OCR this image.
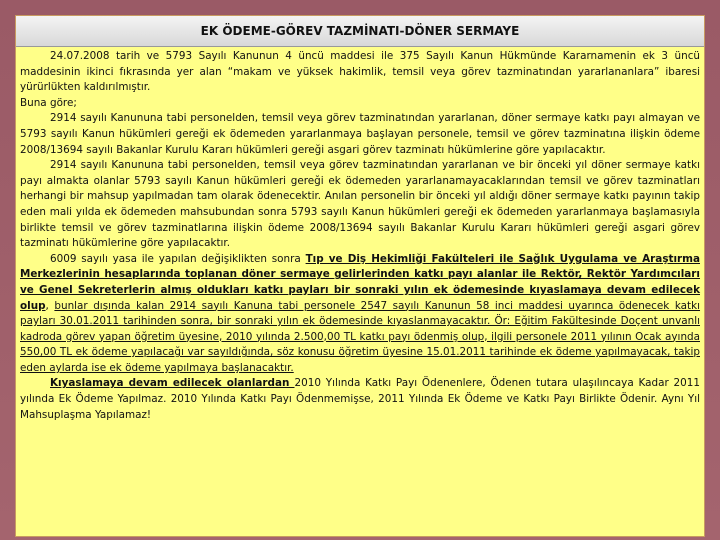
EK ÖDEME-GÖREV TAZMİNATI-DÖNER SERMAYE

24.07.2008 tarih ve 5793 Sayılı Kanunun 4 üncü maddesi ile 375 Sayılı Kanun Hükmünde Kararnamenin ek 3 üncü maddesinin ikinci fıkrasında yer alan “makam ve yüksek hakimlik, temsil veya görev tazminatından yararlananlara” ibaresi yürürlükten kaldırılmıştır.

Buna göre;

2914 sayılı Kanununa tabi personelden, temsil veya görev tazminatından yararlanan, döner sermaye katkı payı almayan ve 5793 sayılı Kanun hükümleri gereği ek ödemeden yararlanmaya başlayan personele, temsil ve görev tazminatına ilişkin ödeme 2008/13694 sayılı Bakanlar Kurulu Kararı hükümleri gereği asgari görev tazminatı hükümlerine göre yapılacaktır.

2914 sayılı Kanununa tabi personelden, temsil veya görev tazminatından yararlanan ve bir önceki yıl döner sermaye katkı payı almakta olanlar 5793 sayılı Kanun hükümleri gereği ek ödemeden yararlanamayacaklarından temsil ve görev tazminatları herhangi bir mahsup yapılmadan tam olarak ödenecektir. Anılan personelin bir önceki yıl aldığı döner sermaye katkı payının takip eden mali yılda ek ödemeden mahsubundan sonra 5793 sayılı Kanun hükümleri gereği ek ödemeden yararlanmaya başlamasıyla birlikte temsil ve görev tazminatlarına ilişkin ödeme 2008/13694 sayılı Bakanlar Kurulu Kararı hükümleri gereği asgari görev tazminatı hükümlerine göre yapılacaktır.

6009 sayılı yasa ile yapılan değişiklikten sonra Tıp ve Diş Hekimliği Fakülteleri ile Sağlık Uygulama ve Araştırma Merkezlerinin hesaplarında toplanan döner sermaye gelirlerinden katkı payı alanlar ile Rektör, Rektör Yardımcıları ve Genel Sekreterlerin almış oldukları katkı payları bir sonraki yılın ek ödemesinde kıyaslamaya devam edilecek olup, bunlar dışında kalan 2914 sayılı Kanuna tabi personele 2547 sayılı Kanunun 58 inci maddesi uyarınca ödenecek katkı payları 30.01.2011 tarihinden sonra, bir sonraki yılın ek ödemesinde kıyaslanmayacaktır. Ör: Eğitim Fakültesinde Doçent unvanlı kadroda görev yapan öğretim üyesine, 2010 yılında 2.500,00 TL katkı payı ödenmiş olup, ilgili personele 2011 yılının Ocak ayında 550,00 TL ek ödeme yapılacağı var sayıldığında, söz konusu öğretim üyesine 15.01.2011 tarihinde ek ödeme yapılmayacak, takip eden aylarda ise ek ödeme yapılmaya başlanacaktır.

Kıyaslamaya devam edilecek olanlardan 2010 Yılında Katkı Payı Ödenenlere, Ödenen tutara ulaşılıncaya Kadar 2011 yılında Ek Ödeme Yapılmaz. 2010 Yılında Katkı Payı Ödenmemişse, 2011 Yılında Ek Ödeme ve Katkı Payı Birlikte Ödenir. Aynı Yıl Mahsuplaşma Yapılamaz!
